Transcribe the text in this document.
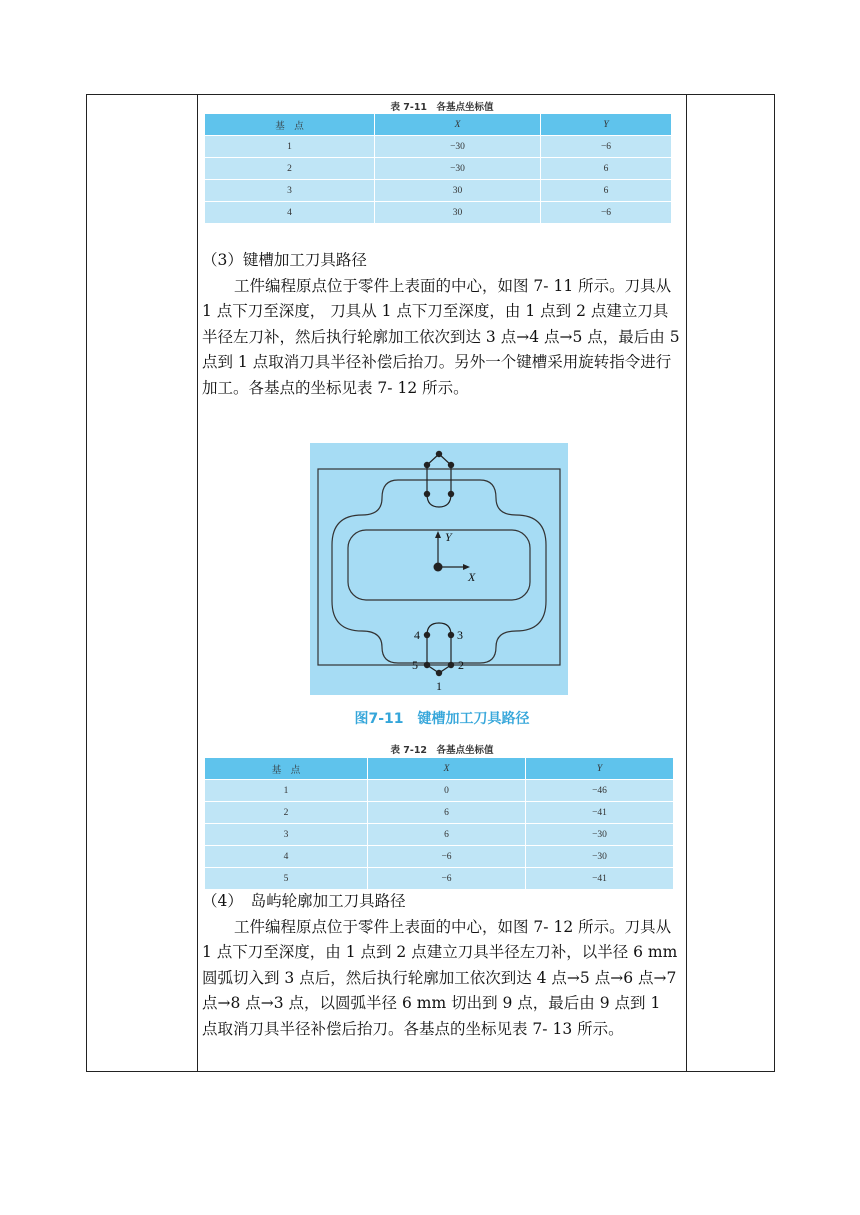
表 7-11　各基点坐标值
基　点	X	Y
1	−30	−6
2	−30	6
3	30	6
4	30	−6

（3）键槽加工刀具路径

工件编程原点位于零件上表面的中心，如图 7- 11 所示。刀具从 1 点下刀至深度， 刀具从 1 点下刀至深度，由 1 点到 2 点建立刀具半径左刀补，然后执行轮廓加工依次到达 3 点→4 点→5 点，最后由 5 点到 1 点取消刀具半径补偿后抬刀。另外一个键槽采用旋转指令进行加工。各基点的坐标见表 7- 12 所示。

1
2
3
4
5
Y
X
图7-11　键槽加工刀具路径
表 7-12　各基点坐标值
基　点	X	Y
1	0	−46
2	6	−41
3	6	−30
4	−6	−30
5	−6	−41

（4）　岛屿轮廓加工刀具路径

工件编程原点位于零件上表面的中心，如图 7- 12 所示。刀具从 1 点下刀至深度，由 1 点到 2 点建立刀具半径左刀补，以半径 6 mm 圆弧切入到 3 点后，然后执行轮廓加工依次到达 4 点→5 点→6 点→7 点→8 点→3 点，以圆弧半径 6 mm 切出到 9 点，最后由 9 点到 1 点取消刀具半径补偿后抬刀。各基点的坐标见表 7- 13 所示。
